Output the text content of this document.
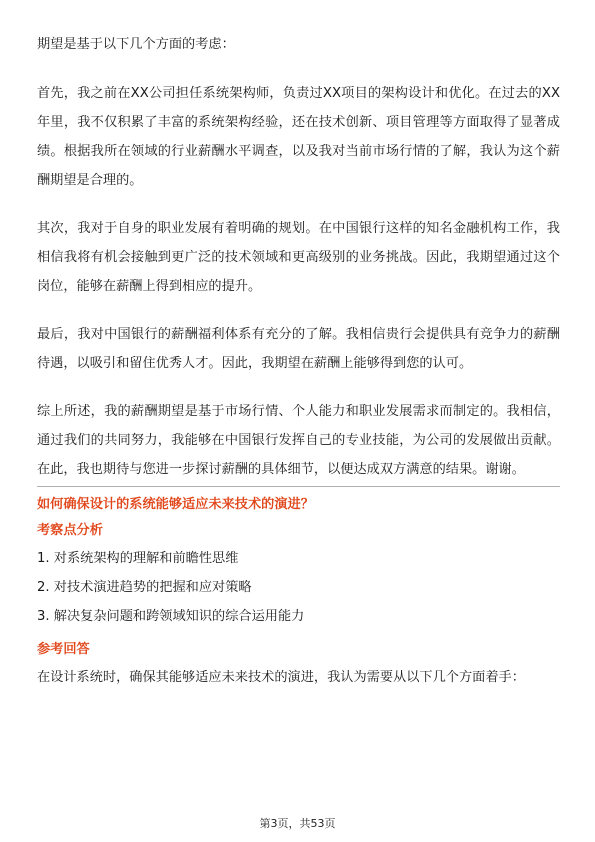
期望是基于以下几个方面的考虑：

首先，我之前在XX公司担任系统架构师，负责过XX项目的架构设计和优化。在过去的XX年里，我不仅积累了丰富的系统架构经验，还在技术创新、项目管理等方面取得了显著成绩。根据我所在领域的行业薪酬水平调查，以及我对当前市场行情的了解，我认为这个薪酬期望是合理的。

其次，我对于自身的职业发展有着明确的规划。在中国银行这样的知名金融机构工作，我相信我将有机会接触到更广泛的技术领域和更高级别的业务挑战。因此，我期望通过这个岗位，能够在薪酬上得到相应的提升。

最后，我对中国银行的薪酬福利体系有充分的了解。我相信贵行会提供具有竞争力的薪酬待遇，以吸引和留住优秀人才。因此，我期望在薪酬上能够得到您的认可。

综上所述，我的薪酬期望是基于市场行情、个人能力和职业发展需求而制定的。我相信，通过我们的共同努力，我能够在中国银行发挥自己的专业技能，为公司的发展做出贡献。在此，我也期待与您进一步探讨薪酬的具体细节，以便达成双方满意的结果。谢谢。

如何确保设计的系统能够适应未来技术的演进？

考察点分析

1. 对系统架构的理解和前瞻性思维
2. 对技术演进趋势的把握和应对策略
3. 解决复杂问题和跨领域知识的综合运用能力

参考回答

在设计系统时，确保其能够适应未来技术的演进，我认为需要从以下几个方面着手：

第3页，共53页
